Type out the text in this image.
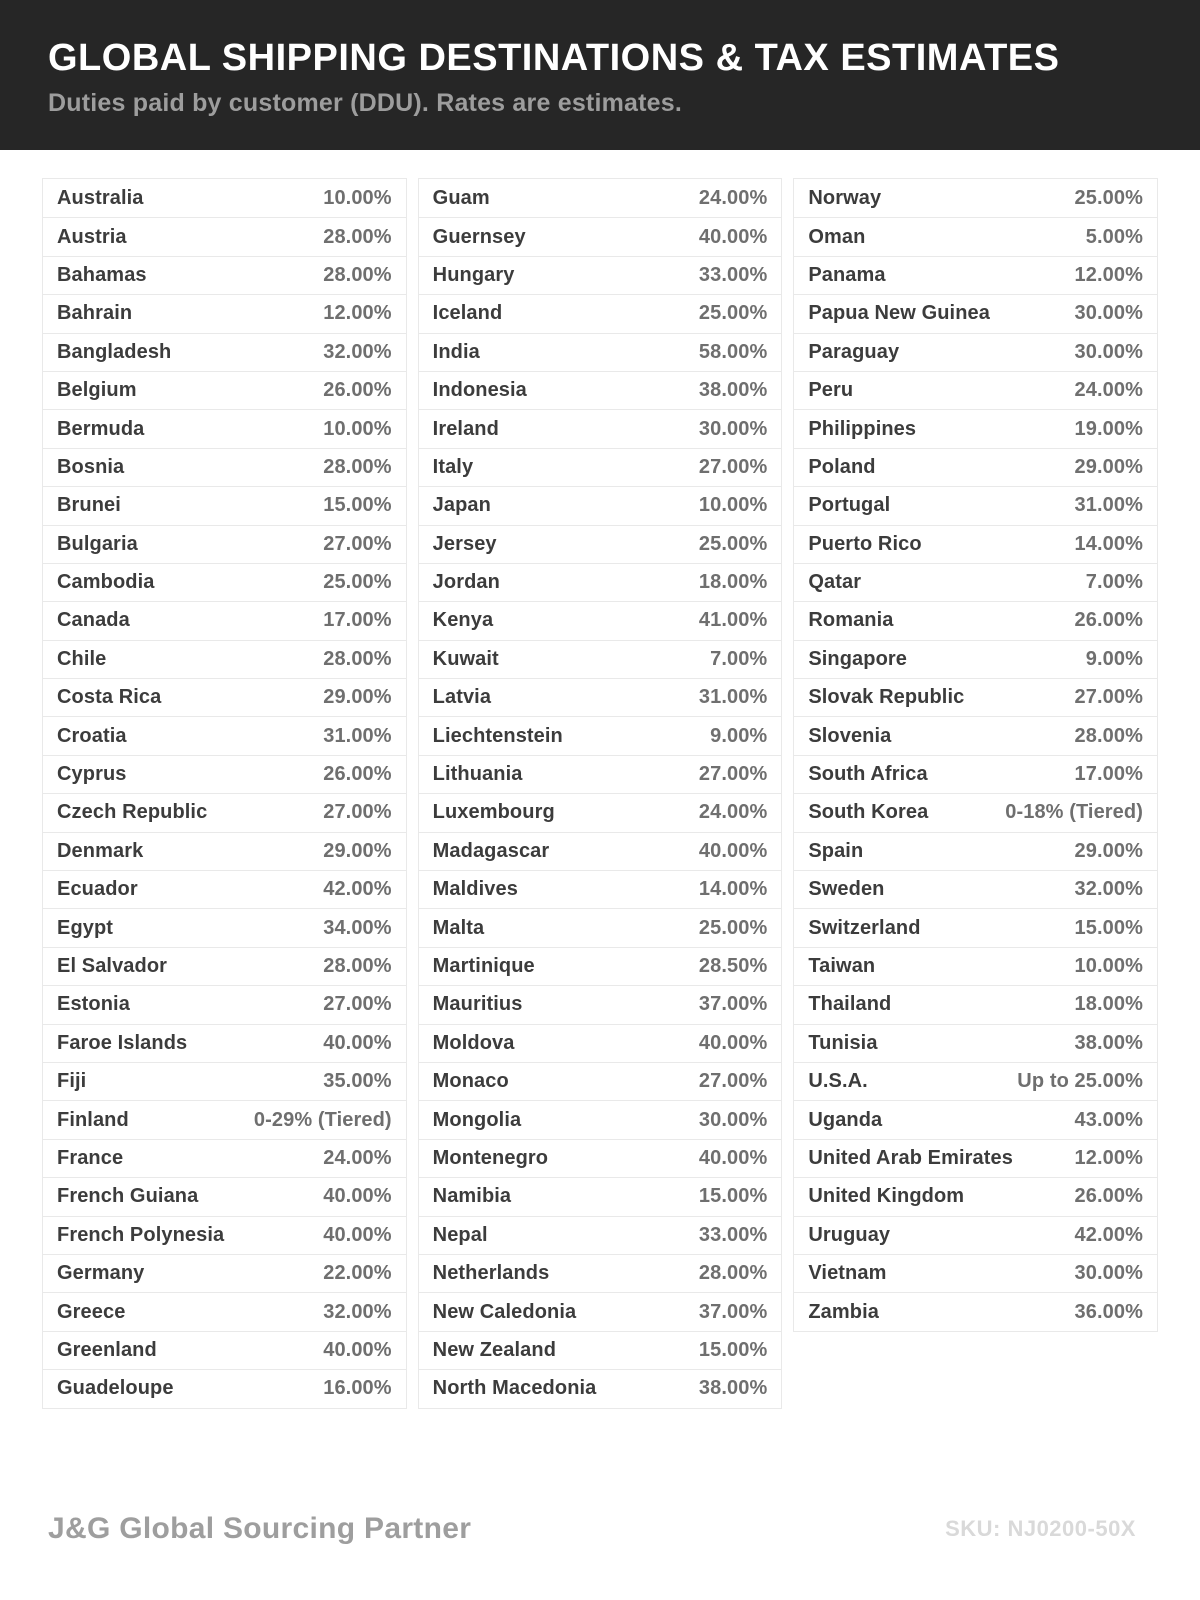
GLOBAL SHIPPING DESTINATIONS & TAX ESTIMATES
Duties paid by customer (DDU). Rates are estimates.
Australia	10.00%
Austria	28.00%
Bahamas	28.00%
Bahrain	12.00%
Bangladesh	32.00%
Belgium	26.00%
Bermuda	10.00%
Bosnia	28.00%
Brunei	15.00%
Bulgaria	27.00%
Cambodia	25.00%
Canada	17.00%
Chile	28.00%
Costa Rica	29.00%
Croatia	31.00%
Cyprus	26.00%
Czech Republic	27.00%
Denmark	29.00%
Ecuador	42.00%
Egypt	34.00%
El Salvador	28.00%
Estonia	27.00%
Faroe Islands	40.00%
Fiji	35.00%
Finland	0-29% (Tiered)
France	24.00%
French Guiana	40.00%
French Polynesia	40.00%
Germany	22.00%
Greece	32.00%
Greenland	40.00%
Guadeloupe	16.00%
Guam	24.00%
Guernsey	40.00%
Hungary	33.00%
Iceland	25.00%
India	58.00%
Indonesia	38.00%
Ireland	30.00%
Italy	27.00%
Japan	10.00%
Jersey	25.00%
Jordan	18.00%
Kenya	41.00%
Kuwait	7.00%
Latvia	31.00%
Liechtenstein	9.00%
Lithuania	27.00%
Luxembourg	24.00%
Madagascar	40.00%
Maldives	14.00%
Malta	25.00%
Martinique	28.50%
Mauritius	37.00%
Moldova	40.00%
Monaco	27.00%
Mongolia	30.00%
Montenegro	40.00%
Namibia	15.00%
Nepal	33.00%
Netherlands	28.00%
New Caledonia	37.00%
New Zealand	15.00%
North Macedonia	38.00%
Norway	25.00%
Oman	5.00%
Panama	12.00%
Papua New Guinea	30.00%
Paraguay	30.00%
Peru	24.00%
Philippines	19.00%
Poland	29.00%
Portugal	31.00%
Puerto Rico	14.00%
Qatar	7.00%
Romania	26.00%
Singapore	9.00%
Slovak Republic	27.00%
Slovenia	28.00%
South Africa	17.00%
South Korea	0-18% (Tiered)
Spain	29.00%
Sweden	32.00%
Switzerland	15.00%
Taiwan	10.00%
Thailand	18.00%
Tunisia	38.00%
U.S.A.	Up to 25.00%
Uganda	43.00%
United Arab Emirates	12.00%
United Kingdom	26.00%
Uruguay	42.00%
Vietnam	30.00%
Zambia	36.00%
J&G Global Sourcing Partner	SKU: NJ0200-50X
